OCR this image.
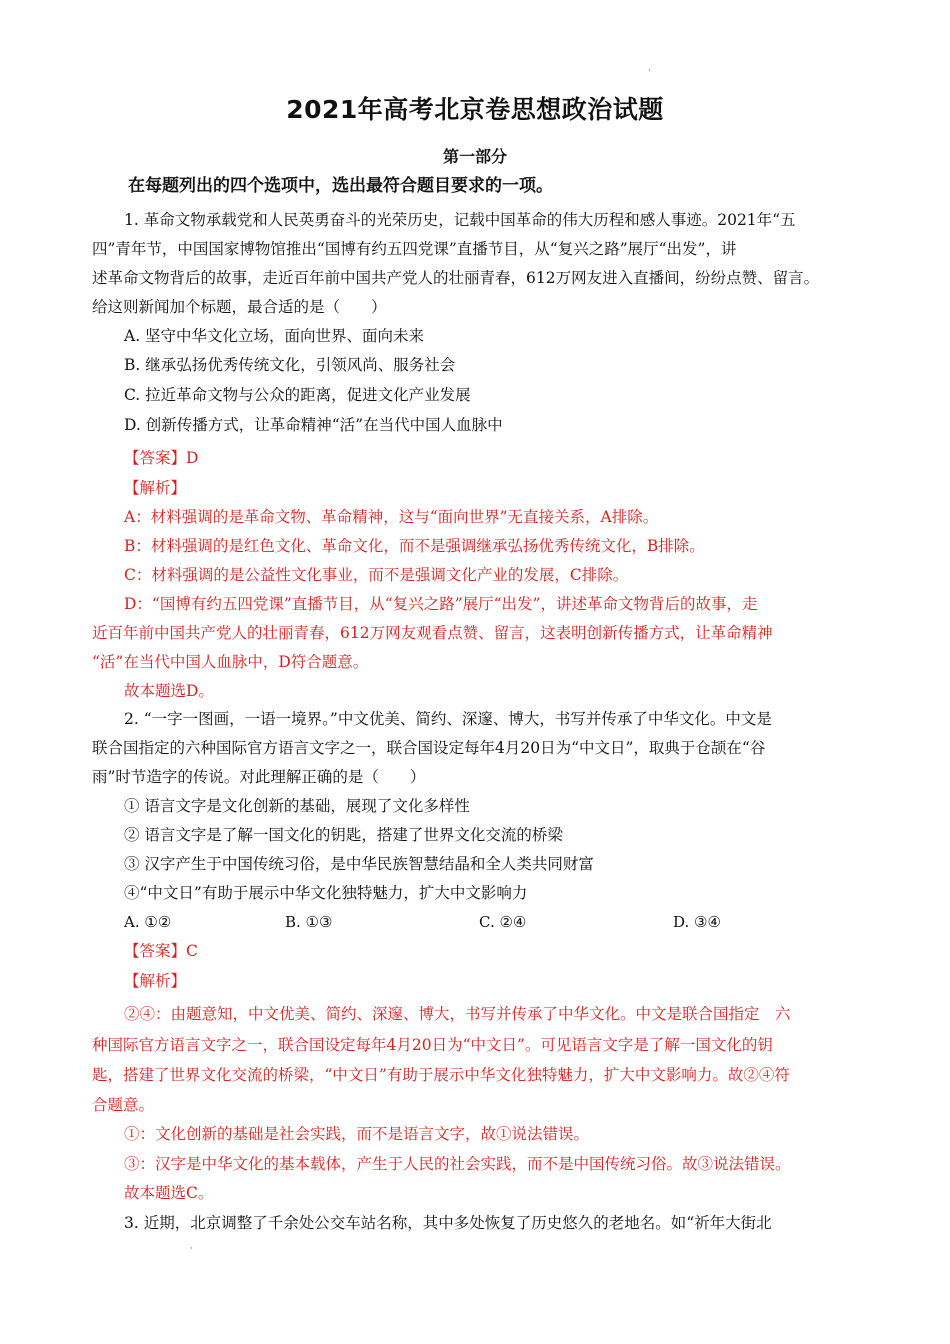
·
·
2021年高考北京卷思想政治试题
第一部分
在每题列出的四个选项中，选出最符合题目要求的一项。
1. 革命文物承载党和人民英勇奋斗的光荣历史，记载中国革命的伟大历程和感人事迹。2021年“五
四”青年节，中国国家博物馆推出“国博有约五四党课”直播节目，从“复兴之路”展厅“出发”，讲
述革命文物背后的故事，走近百年前中国共产党人的壮丽青春，612万网友进入直播间，纷纷点赞、留言。
给这则新闻加个标题，最合适的是（　　）
A. 坚守中华文化立场，面向世界、面向未来
B. 继承弘扬优秀传统文化，引领风尚、服务社会
C. 拉近革命文物与公众的距离，促进文化产业发展
D. 创新传播方式，让革命精神“活”在当代中国人血脉中
【答案】D
【解析】
A：材料强调的是革命文物、革命精神，这与“面向世界”无直接关系，A排除。
B：材料强调的是红色文化、革命文化，而不是强调继承弘扬优秀传统文化，B排除。
C：材料强调的是公益性文化事业，而不是强调文化产业的发展，C排除。
D：“国博有约五四党课”直播节目，从“复兴之路”展厅“出发”，讲述革命文物背后的故事，走
近百年前中国共产党人的壮丽青春，612万网友观看点赞、留言，这表明创新传播方式，让革命精神
“活”在当代中国人血脉中，D符合题意。
故本题选D。
2. “一字一图画，一语一境界。”中文优美、简约、深邃、博大，书写并传承了中华文化。中文是
联合国指定的六种国际官方语言文字之一，联合国设定每年4月20日为“中文日”，取典于仓颉在“谷
雨”时节造字的传说。对此理解正确的是（　　）
① 语言文字是文化创新的基础，展现了文化多样性
② 语言文字是了解一国文化的钥匙，搭建了世界文化交流的桥梁
③ 汉字产生于中国传统习俗，是中华民族智慧结晶和全人类共同财富
④“中文日”有助于展示中华文化独特魅力，扩大中文影响力
A. ①②	B. ①③	C. ②④	D. ③④
【答案】C
【解析】
②④：由题意知，中文优美、简约、深邃、博大，书写并传承了中华文化。中文是联合国指定　六
种国际官方语言文字之一，联合国设定每年4月20日为“中文日”。可见语言文字是了解一国文化的钥
匙，搭建了世界文化交流的桥梁，“中文日”有助于展示中华文化独特魅力，扩大中文影响力。故②④符
合题意。
①：文化创新的基础是社会实践，而不是语言文字，故①说法错误。
③：汉字是中华文化的基本载体，产生于人民的社会实践，而不是中国传统习俗。故③说法错误。
故本题选C。
3. 近期，北京调整了千余处公交车站名称，其中多处恢复了历史悠久的老地名。如“祈年大街北
